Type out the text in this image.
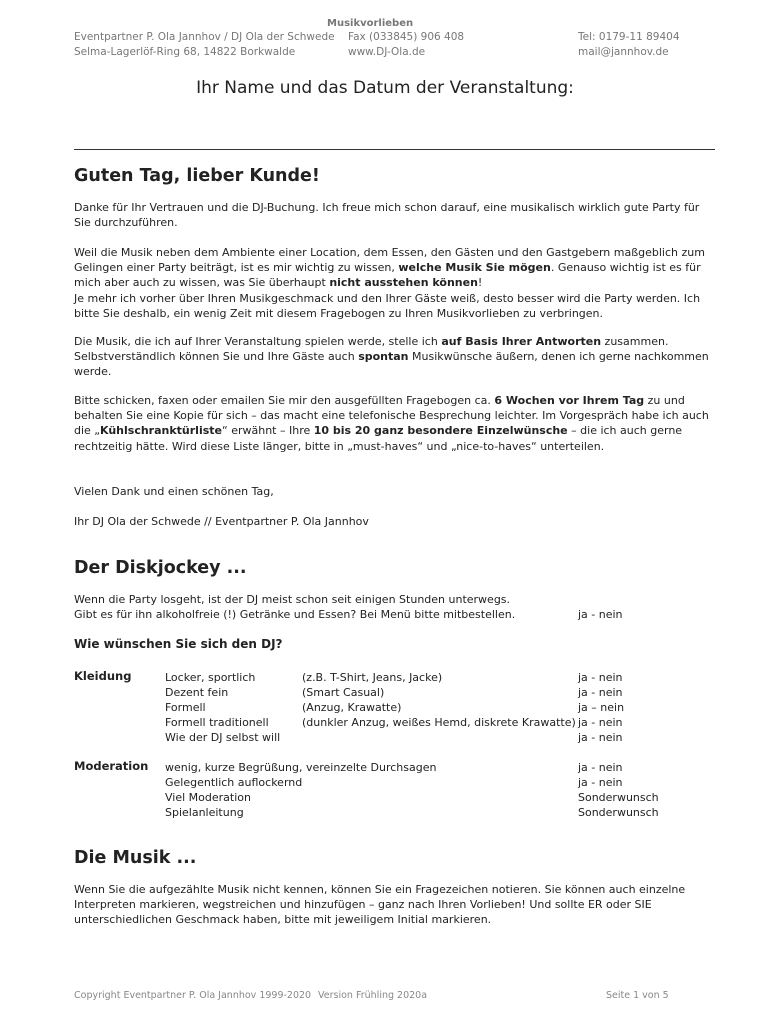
Musikvorlieben
Eventpartner P. Ola Jannhov / DJ Ola der Schwede
Selma-Lagerlöf-Ring 68, 14822 Borkwalde
Fax (033845) 906 408
www.DJ-Ola.de
Tel: 0179-11 89404
mail@jannhov.de
Ihr Name und das Datum der Veranstaltung:
Guten Tag, lieber Kunde!

Danke für Ihr Vertrauen und die DJ-Buchung. Ich freue mich schon darauf, eine musikalisch wirklich gute Party für Sie durchzuführen.

Weil die Musik neben dem Ambiente einer Location, dem Essen, den Gästen und den Gastgebern maßgeblich zum Gelingen einer Party beiträgt, ist es mir wichtig zu wissen, welche Musik Sie mögen. Genauso wichtig ist es für mich aber auch zu wissen, was Sie überhaupt nicht ausstehen können!
Je mehr ich vorher über Ihren Musikgeschmack und den Ihrer Gäste weiß, desto besser wird die Party werden. Ich bitte Sie deshalb, ein wenig Zeit mit diesem Fragebogen zu Ihren Musikvorlieben zu verbringen.

Die Musik, die ich auf Ihrer Veranstaltung spielen werde, stelle ich auf Basis Ihrer Antworten zusammen. Selbstverständlich können Sie und Ihre Gäste auch spontan Musikwünsche äußern, denen ich gerne nachkommen werde.

Bitte schicken, faxen oder emailen Sie mir den ausgefüllten Fragebogen ca. 6 Wochen vor Ihrem Tag zu und behalten Sie eine Kopie für sich – das macht eine telefonische Besprechung leichter. Im Vorgespräch habe ich auch die „Kühlschranktürliste“ erwähnt – Ihre 10 bis 20 ganz besondere Einzelwünsche – die ich auch gerne rechtzeitig hätte. Wird diese Liste länger, bitte in „must-haves“ und „nice-to-haves“ unterteilen.

Vielen Dank und einen schönen Tag,

Ihr DJ Ola der Schwede // Eventpartner P. Ola Jannhov

Der Diskjockey ...

Wenn die Party losgeht, ist der DJ meist schon seit einigen Stunden unterwegs.

Gibt es für ihn alkoholfreie (!) Getränke und Essen? Bei Menü bitte mitbestellen.	ja - nein
Wie wünschen Sie sich den DJ?
Kleidung	Locker, sportlich	(z.B. T-Shirt, Jeans, Jacke)	ja - nein
Dezent fein	(Smart Casual)	ja - nein
Formell	(Anzug, Krawatte)	ja – nein
Formell traditionell	(dunkler Anzug, weißes Hemd, diskrete Krawatte) ja - nein
Wie der DJ selbst will	ja - nein
Moderation wenig, kurze Begrüßung, vereinzelte Durchsagen	ja - nein
Gelegentlich auflockernd	ja - nein
Viel Moderation	Sonderwunsch
Spielanleitung	Sonderwunsch
Die Musik ...

Wenn Sie die aufgezählte Musik nicht kennen, können Sie ein Fragezeichen notieren. Sie können auch einzelne Interpreten markieren, wegstreichen und hinzufügen – ganz nach Ihren Vorlieben! Und sollte ER oder SIE unterschiedlichen Geschmack haben, bitte mit jeweiligem Initial markieren.

Copyright Eventpartner P. Ola Jannhov 1999-2020 Version Frühling 2020a	Seite 1 von 5
